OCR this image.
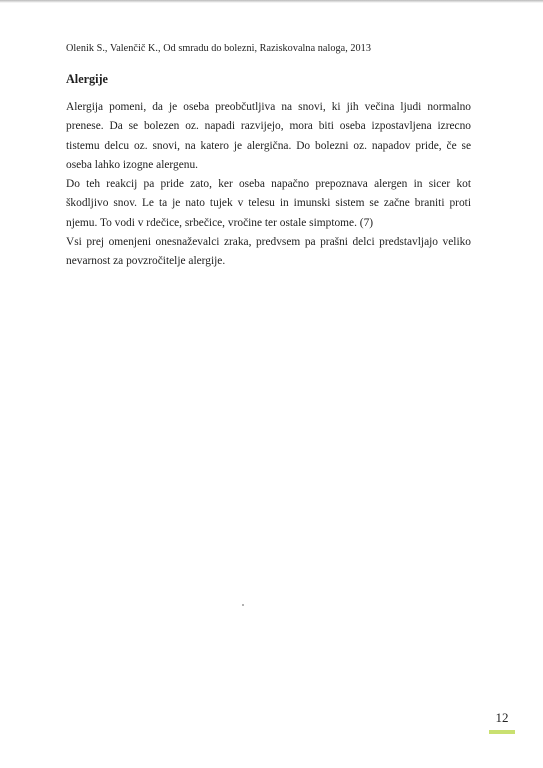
Olenik S., Valenčič K., Od smradu do bolezni, Raziskovalna naloga, 2013
Alergije

Alergija pomeni, da je oseba preobčutljiva na snovi, ki jih večina ljudi normalno prenese. Da se bolezen oz. napadi razvijejo, mora biti oseba izpostavljena izrecno tistemu delcu oz. snovi, na katero je alergična. Do bolezni oz. napadov pride, če se oseba lahko izogne alergenu.

Do teh reakcij pa pride zato, ker oseba napačno prepoznava alergen in sicer kot škodljivo snov. Le ta je nato tujek v telesu in imunski sistem se začne braniti proti njemu. To vodi v rdečice, srbečice, vročine ter ostale simptome. (7)

Vsi prej omenjeni onesnaževalci zraka, predvsem pa prašni delci predstavljajo veliko nevarnost za povzročitelje alergije.

12
